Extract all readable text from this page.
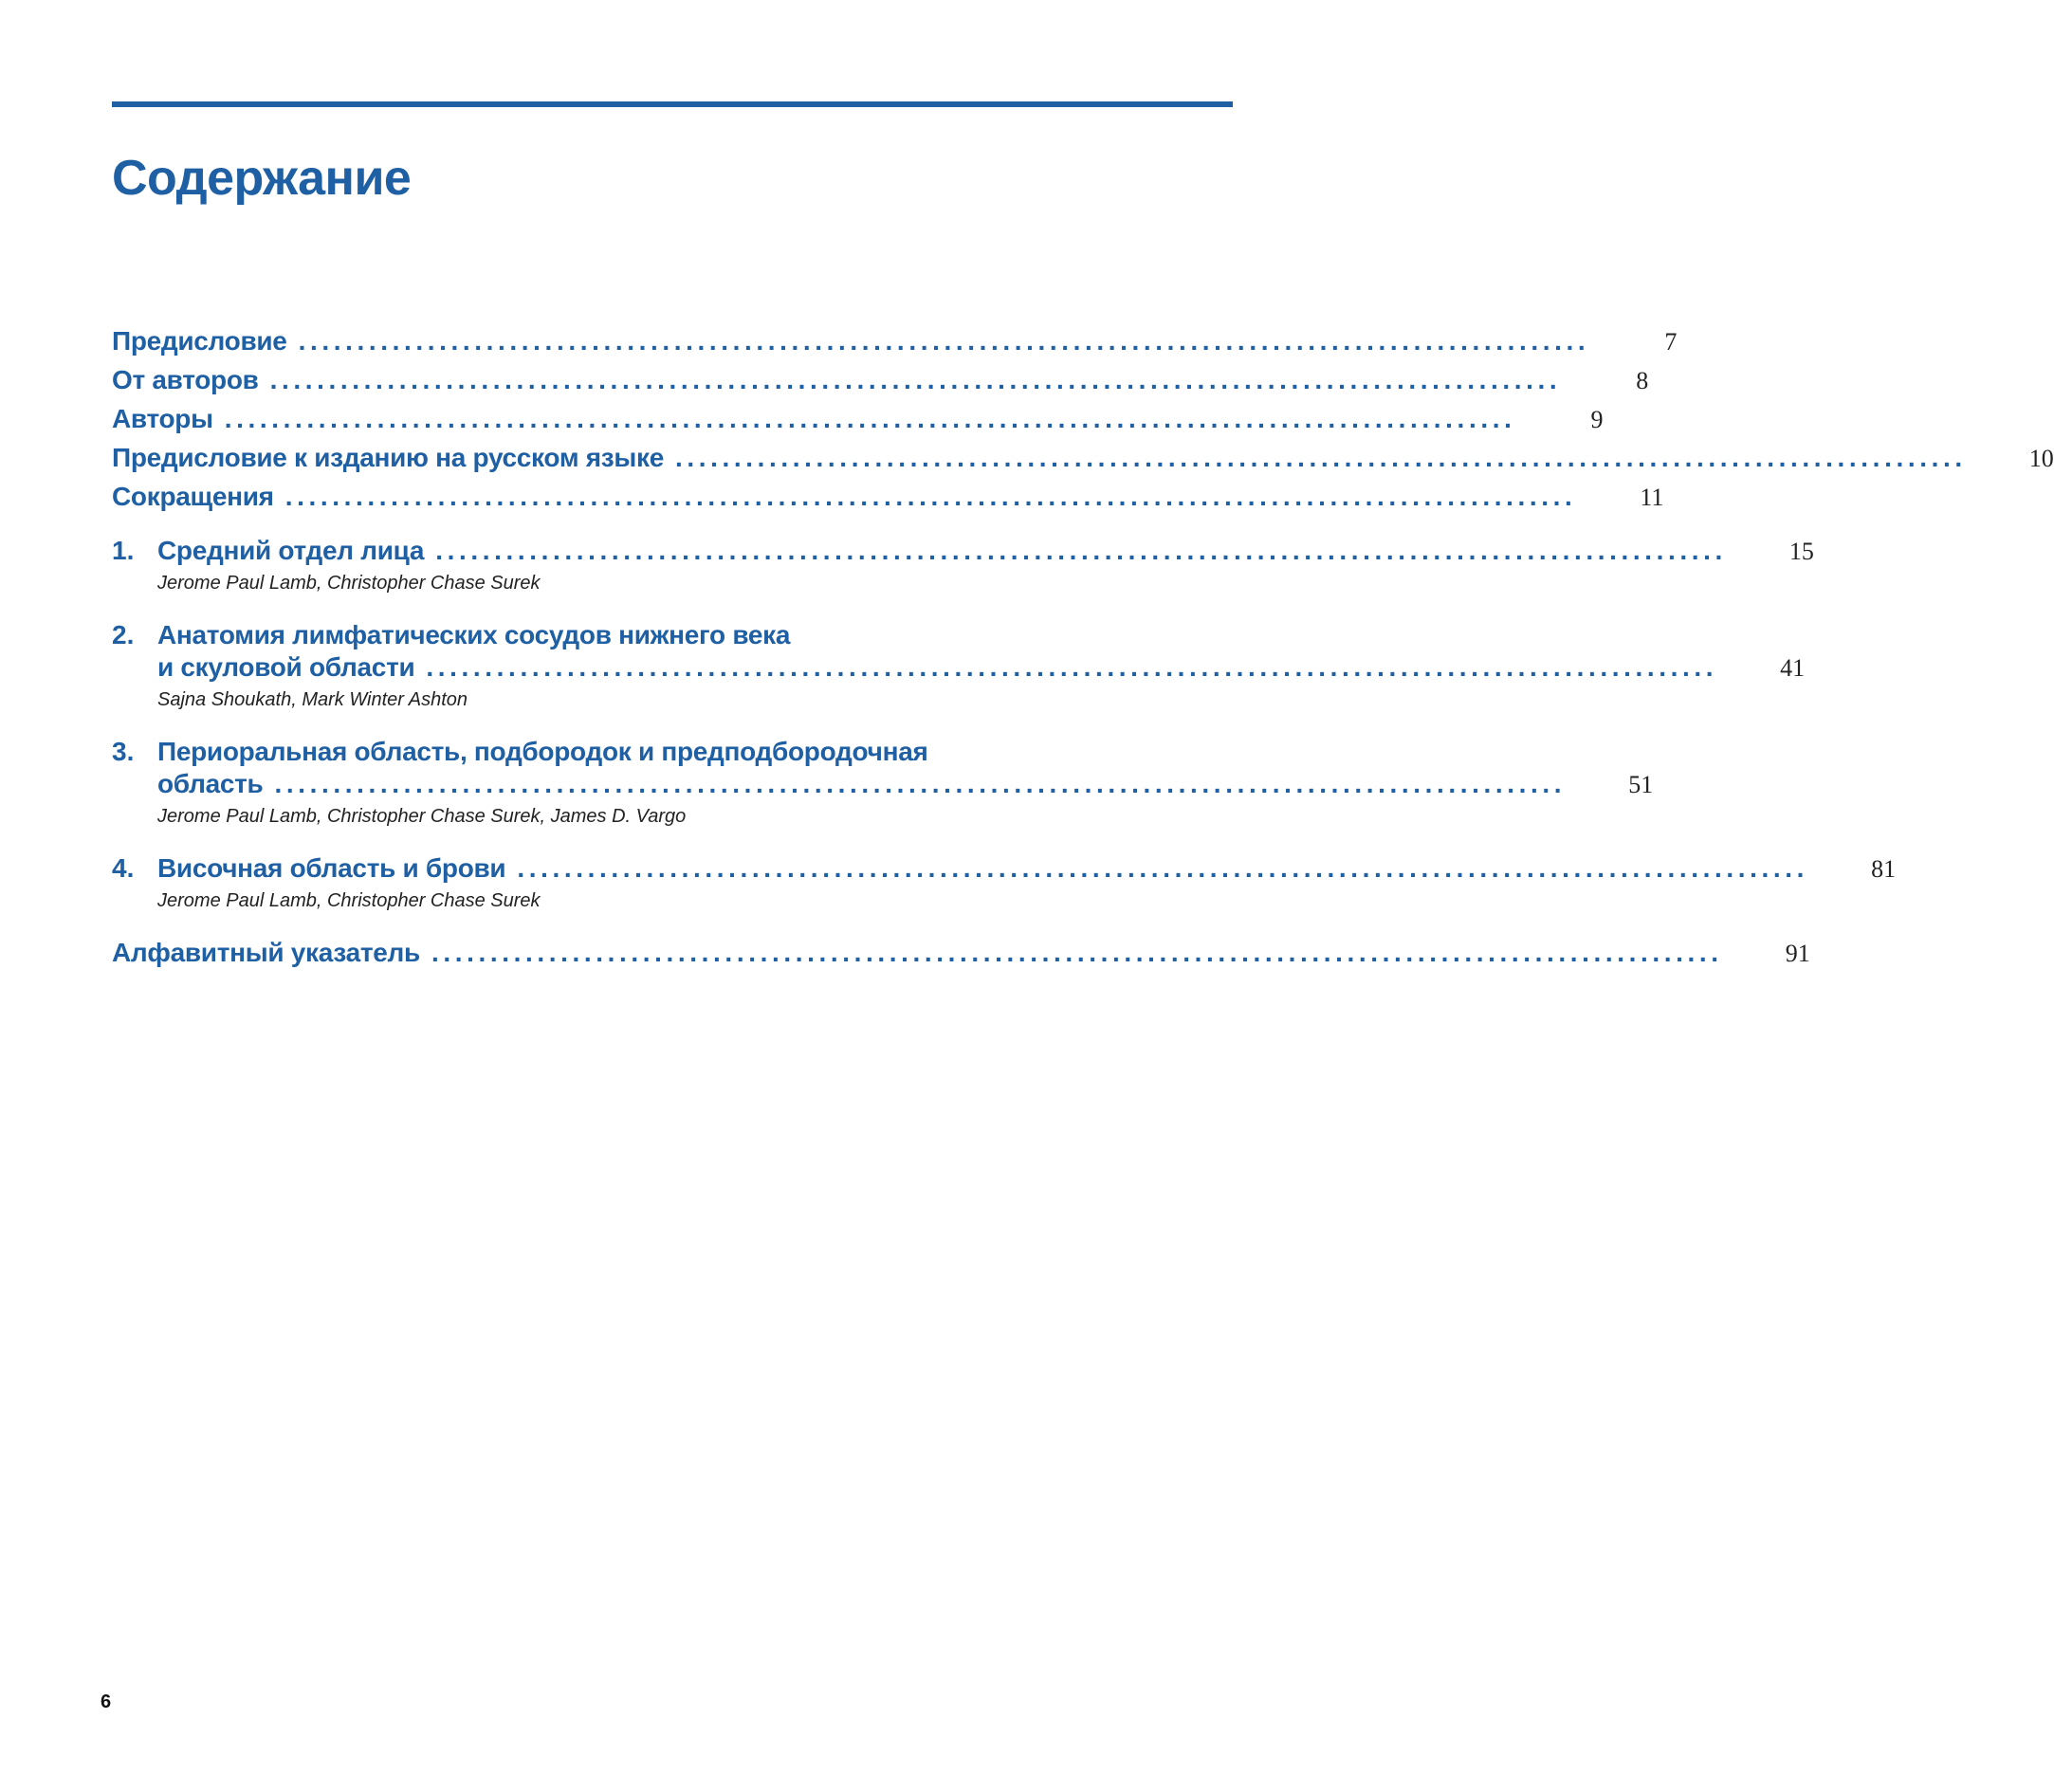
Содержание
Предисловие ..............................................................................................................	7
От авторов ..............................................................................................................	8
Авторы ..............................................................................................................	9
Предисловие к изданию на русском языке ..............................................................................................................	10
Сокращения ..............................................................................................................	11
1. Средний отдел лица ..............................................................................................................	15
Jerome Paul Lamb, Christopher Chase Surek
2. Анатомия лимфатических сосудов нижнего века
и скуловой области ..............................................................................................................	41
Sajna Shoukath, Mark Winter Ashton
3. Периоральная область, подбородок и предподбородочная
область ..............................................................................................................	51
Jerome Paul Lamb, Christopher Chase Surek, James D. Vargo
4. Височная область и брови ..............................................................................................................	81
Jerome Paul Lamb, Christopher Chase Surek
Алфавитный указатель ..............................................................................................................	91
6
